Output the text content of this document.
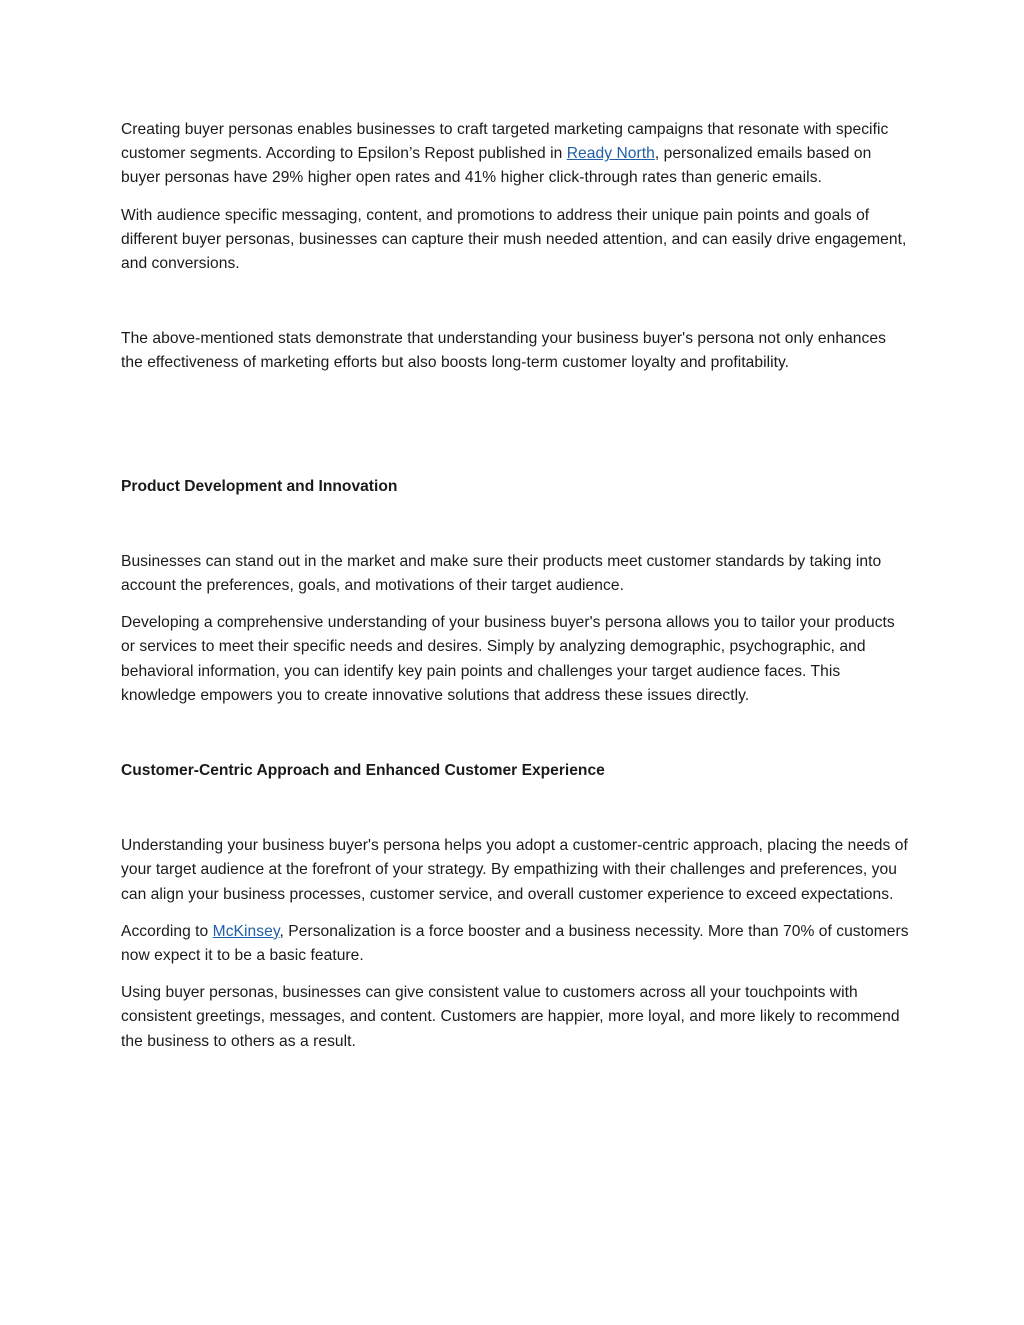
Creating buyer personas enables businesses to craft targeted marketing campaigns that resonate with specific customer segments. According to Epsilon’s Repost published in Ready North, personalized emails based on buyer personas have 29% higher open rates and 41% higher click-through rates than generic emails.

With audience specific messaging, content, and promotions to address their unique pain points and goals of different buyer personas, businesses can capture their mush needed attention, and can easily drive engagement, and conversions.

The above-mentioned stats demonstrate that understanding your business buyer's persona not only enhances the effectiveness of marketing efforts but also boosts long-term customer loyalty and profitability.

Product Development and Innovation

Businesses can stand out in the market and make sure their products meet customer standards by taking into account the preferences, goals, and motivations of their target audience.

Developing a comprehensive understanding of your business buyer's persona allows you to tailor your products or services to meet their specific needs and desires. Simply by analyzing demographic, psychographic, and behavioral information, you can identify key pain points and challenges your target audience faces. This knowledge empowers you to create innovative solutions that address these issues directly.

Customer-Centric Approach and Enhanced Customer Experience

Understanding your business buyer's persona helps you adopt a customer-centric approach, placing the needs of your target audience at the forefront of your strategy. By empathizing with their challenges and preferences, you can align your business processes, customer service, and overall customer experience to exceed expectations.

According to McKinsey, Personalization is a force booster and a business necessity. More than 70% of customers now expect it to be a basic feature.

Using buyer personas, businesses can give consistent value to customers across all your touchpoints with consistent greetings, messages, and content. Customers are happier, more loyal, and more likely to recommend the business to others as a result.
